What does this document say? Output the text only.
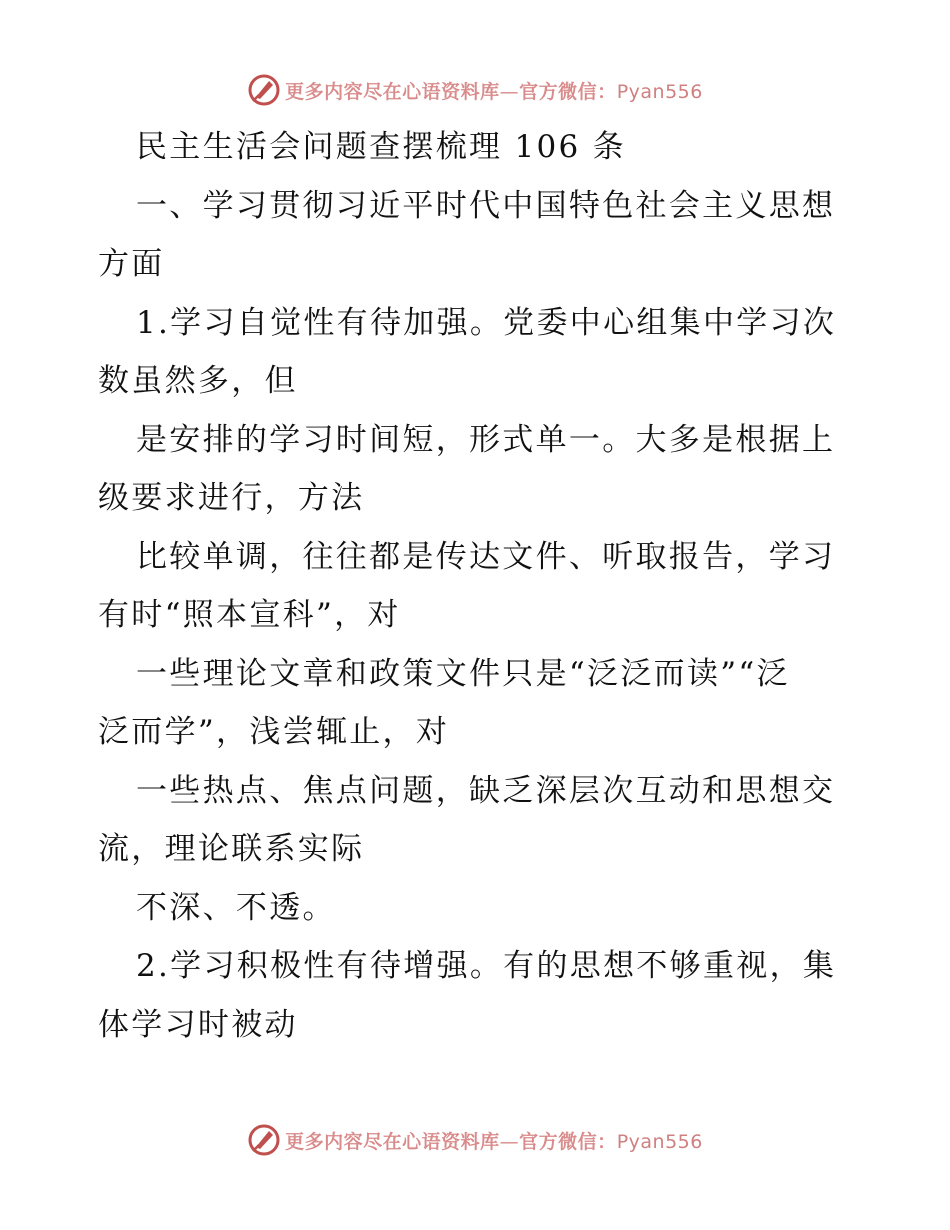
更多内容尽在心语资料库—官方微信：Pyan556
民主生活会问题查摆梳理 106 条
一、学习贯彻习近平时代中国特色社会主义思想
方面
1.学习自觉性有待加强。党委中心组集中学习次
数虽然多，但
是安排的学习时间短，形式单一。大多是根据上
级要求进行，方法
比较单调，往往都是传达文件、听取报告，学习
有时“照本宣科”，对
一些理论文章和政策文件只是“泛泛而读”“泛
泛而学”，浅尝辄止，对
一些热点、焦点问题，缺乏深层次互动和思想交
流，理论联系实际
不深、不透。
2.学习积极性有待增强。有的思想不够重视，集
体学习时被动
更多内容尽在心语资料库—官方微信：Pyan556
